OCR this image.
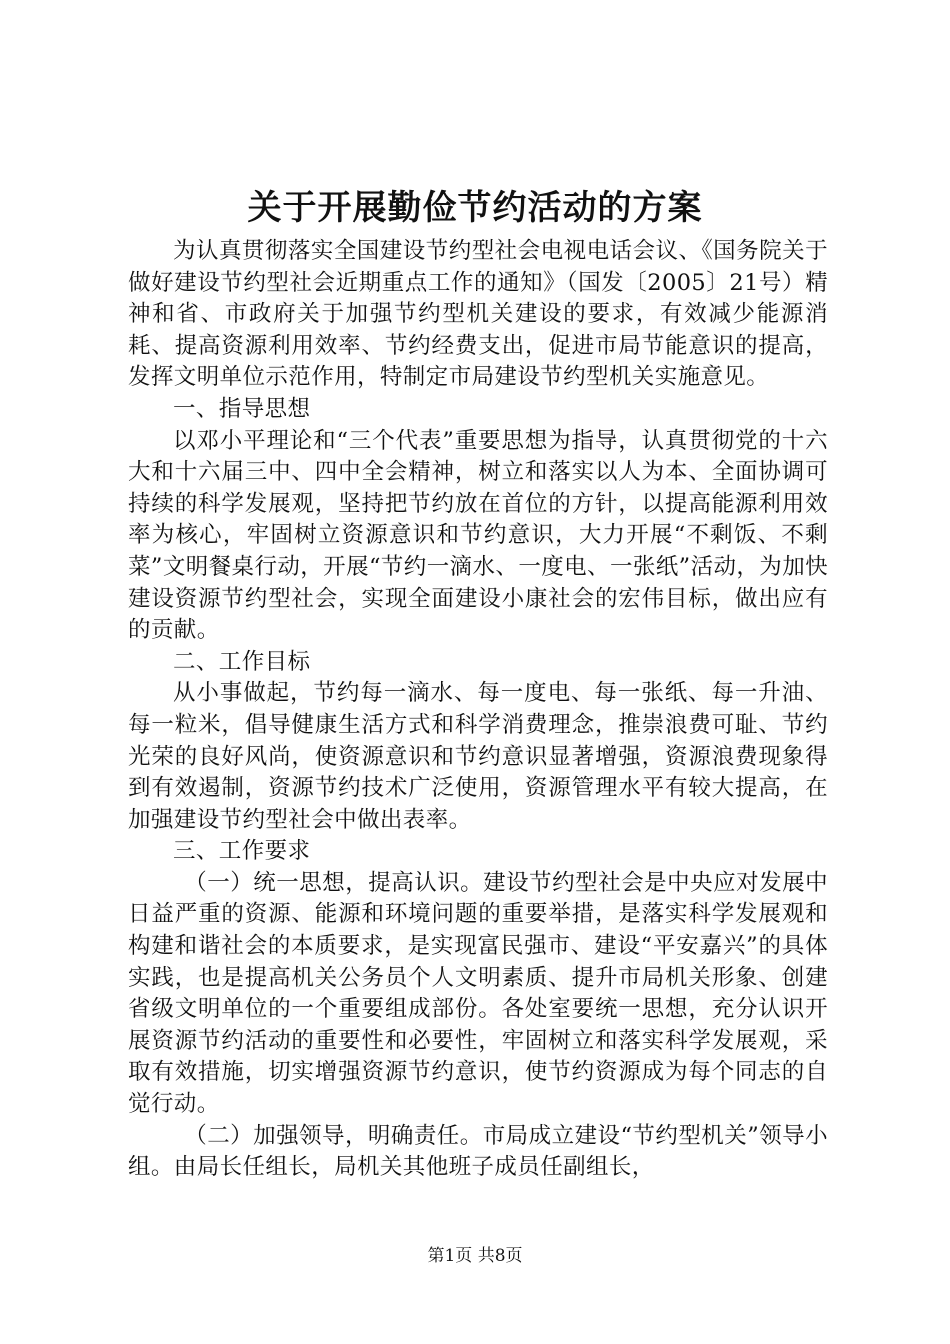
关于开展勤俭节约活动的方案

为认真贯彻落实全国建设节约型社会电视电话会议、《国务院关于做好建设节约型社会近期重点工作的通知》（国发〔2005〕21号）精神和省、市政府关于加强节约型机关建设的要求，有效减少能源消耗、提高资源利用效率、节约经费支出，促进市局节能意识的提高，发挥文明单位示范作用，特制定市局建设节约型机关实施意见。

一、指导思想

以邓小平理论和“三个代表”重要思想为指导，认真贯彻党的十六大和十六届三中、四中全会精神，树立和落实以人为本、全面协调可持续的科学发展观，坚持把节约放在首位的方针，以提高能源利用效率为核心，牢固树立资源意识和节约意识，大力开展“不剩饭、不剩菜”文明餐桌行动，开展“节约一滴水、一度电、一张纸”活动，为加快建设资源节约型社会，实现全面建设小康社会的宏伟目标，做出应有的贡献。

二、工作目标

从小事做起，节约每一滴水、每一度电、每一张纸、每一升油、每一粒米，倡导健康生活方式和科学消费理念，推崇浪费可耻、节约光荣的良好风尚，使资源意识和节约意识显著增强，资源浪费现象得到有效遏制，资源节约技术广泛使用，资源管理水平有较大提高，在加强建设节约型社会中做出表率。

三、工作要求

（一）统一思想，提高认识。建设节约型社会是中央应对发展中日益严重的资源、能源和环境问题的重要举措，是落实科学发展观和构建和谐社会的本质要求，是实现富民强市、建设“平安嘉兴”的具体实践，也是提高机关公务员个人文明素质、提升市局机关形象、创建省级文明单位的一个重要组成部份。各处室要统一思想，充分认识开展资源节约活动的重要性和必要性，牢固树立和落实科学发展观，采取有效措施，切实增强资源节约意识，使节约资源成为每个同志的自觉行动。

（二）加强领导，明确责任。市局成立建设“节约型机关”领导小组。由局长任组长，局机关其他班子成员任副组长，

第1页 共8页
